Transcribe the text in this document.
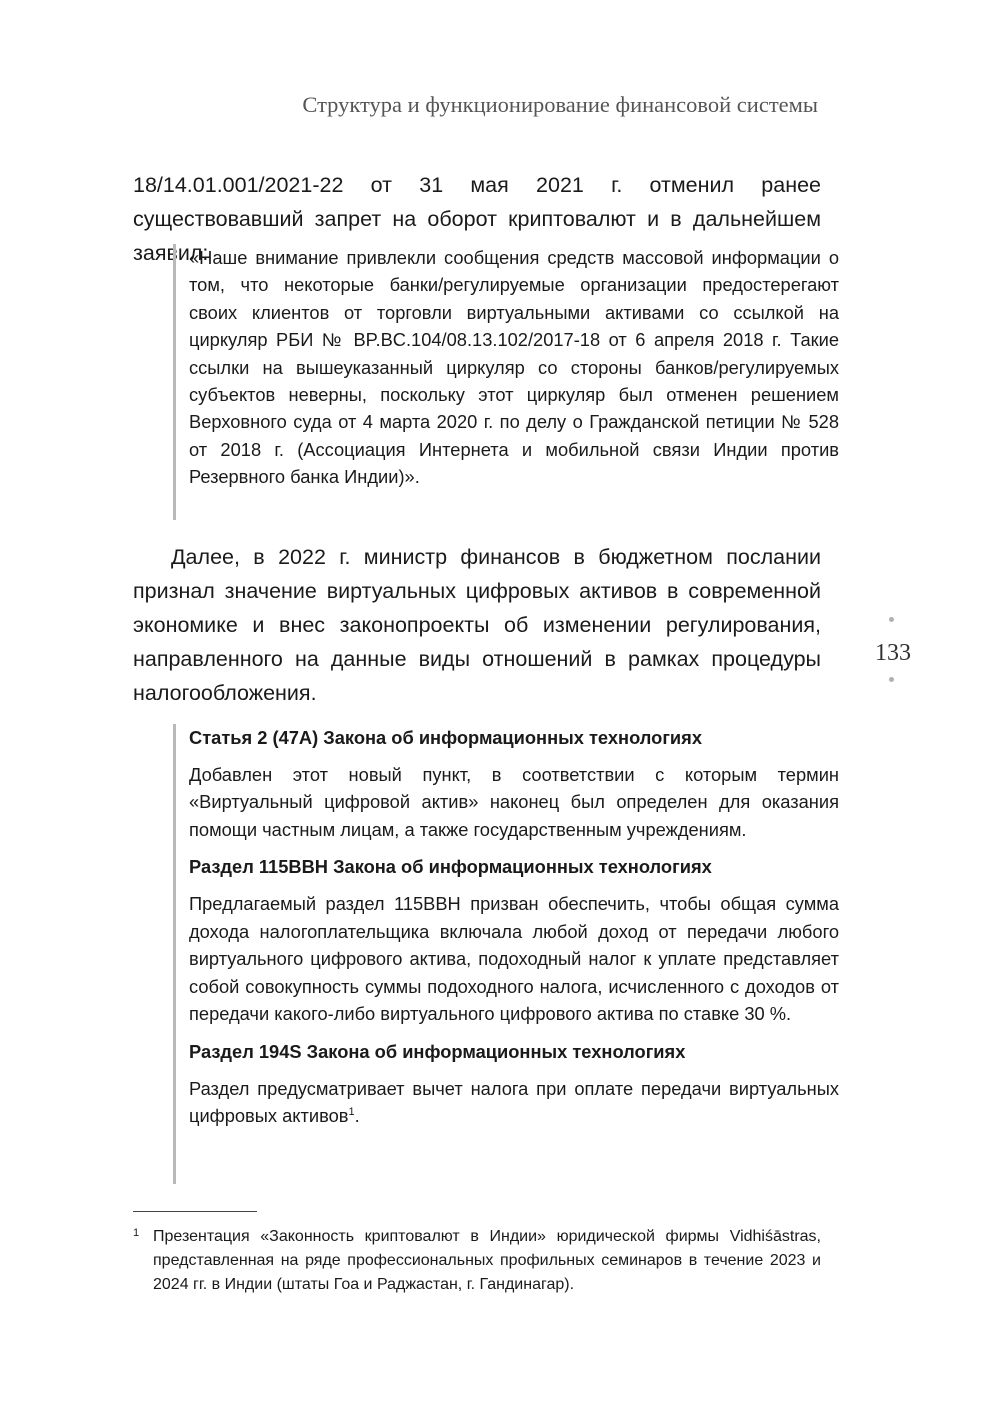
Структура и функционирование финансовой системы
18/14.01.001/2021-22 от 31 мая 2021 г. отменил ранее существовавший запрет на оборот криптовалют и в дальнейшем заявил:

«Наше внимание привлекли сообщения средств массовой информации о том, что некоторые банки/регулируемые организации предостерегают своих клиентов от торговли виртуальными активами со ссылкой на циркуляр РБИ № BP.BC.104/08.13.102/2017-18 от 6 апреля 2018 г. Такие ссылки на вышеуказанный циркуляр со стороны банков/регулируемых субъектов неверны, поскольку этот циркуляр был отменен решением Верховного суда от 4 марта 2020 г. по делу о Гражданской петиции № 528 от 2018 г. (Ассоциация Интернета и мобильной связи Индии против Резервного банка Индии)».

Далее, в 2022 г. министр финансов в бюджетном послании признал значение виртуальных цифровых активов в современной экономике и внес законопроекты об изменении регулирования, направленного на данные виды отношений в рамках процедуры налогообложения.
133
Статья 2 (47А) Закона об информационных технологиях
Добавлен этот новый пункт, в соответствии с которым термин «Виртуальный цифровой актив» наконец был определен для оказания помощи частным лицам, а также государственным учреждениям.
Раздел 115ВВН Закона об информационных технологиях
Предлагаемый раздел 115ВВН призван обеспечить, чтобы общая сумма дохода налогоплательщика включала любой доход от передачи любого виртуального цифрового актива, подоходный налог к уплате представляет собой совокупность суммы подоходного налога, исчисленного с доходов от передачи какого-либо виртуального цифрового актива по ставке 30 %.
Раздел 194S Закона об информационных технологиях
Раздел предусматривает вычет налога при оплате передачи виртуальных цифровых активов$^1$.
1 Презентация «Законность криптовалют в Индии» юридической фирмы Vidhiśāstras, представленная на ряде профессиональных профильных семинаров в течение 2023 и 2024 гг. в Индии (штаты Гоа и Раджастан, г. Гандинагар).
